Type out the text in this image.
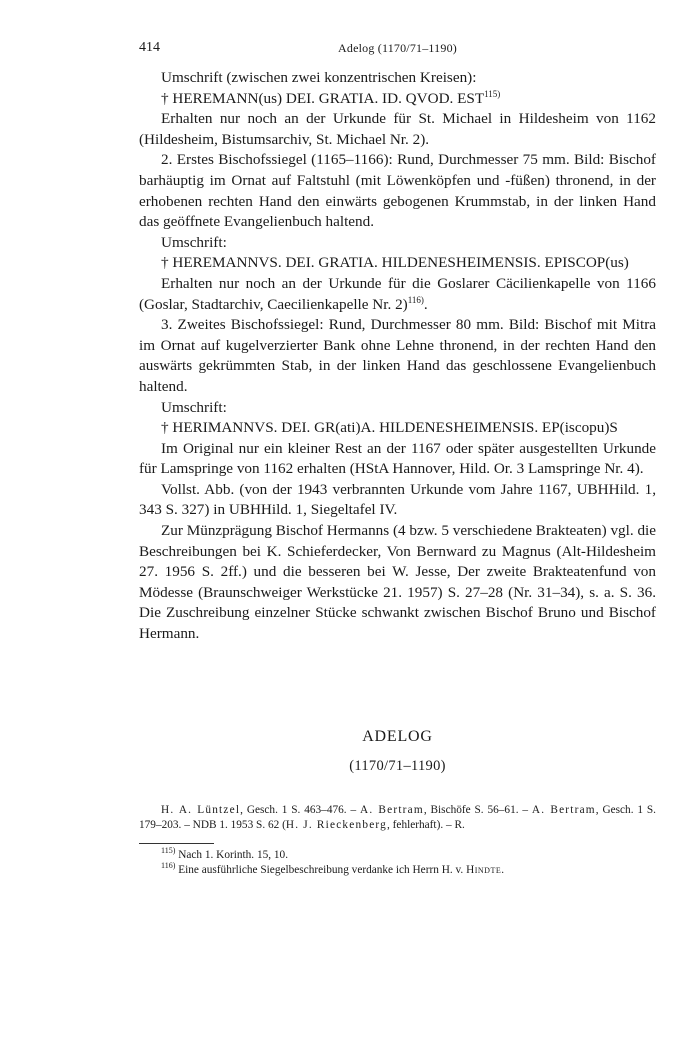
414	Adelog (1170/71–1190)

Umschrift (zwischen zwei konzentrischen Kreisen):

† HEREMANN(us) DEI. GRATIA. ID. QVOD. EST$^{115)}$

Erhalten nur noch an der Urkunde für St. Michael in Hildesheim von 1162 (Hildesheim, Bistumsarchiv, St. Michael Nr. 2).

2. Erstes Bischofssiegel (1165–1166): Rund, Durchmesser 75 mm. Bild: Bischof barhäuptig im Ornat auf Faltstuhl (mit Löwenköpfen und -füßen) thronend, in der erhobenen rechten Hand den einwärts gebogenen Krummstab, in der linken Hand das geöffnete Evangelienbuch haltend.

Umschrift:

† HEREMANNVS. DEI. GRATIA. HILDENESHEIMENSIS. EPISCOP(us)

Erhalten nur noch an der Urkunde für die Goslarer Cäcilienkapelle von 1166 (Goslar, Stadtarchiv, Caecilienkapelle Nr. 2)$^{116)}$.

3. Zweites Bischofssiegel: Rund, Durchmesser 80 mm. Bild: Bischof mit Mitra im Ornat auf kugelverzierter Bank ohne Lehne thronend, in der rechten Hand den auswärts gekrümmten Stab, in der linken Hand das geschlossene Evangelienbuch haltend.

Umschrift:

† HERIMANNVS. DEI. GR(ati)A. HILDENESHEIMENSIS. EP(iscopu)S

Im Original nur ein kleiner Rest an der 1167 oder später ausgestellten Urkunde für Lamspringe von 1162 erhalten (HStA Hannover, Hild. Or. 3 Lamspringe Nr. 4).

Vollst. Abb. (von der 1943 verbrannten Urkunde vom Jahre 1167, UBHHild. 1, 343 S. 327) in UBHHild. 1, Siegeltafel IV.

Zur Münzprägung Bischof Hermanns (4 bzw. 5 verschiedene Brakteaten) vgl. die Beschreibungen bei K. Schieferdecker, Von Bernward zu Magnus (Alt-Hildesheim 27. 1956 S. 2ff.) und die besseren bei W. Jesse, Der zweite Brakteatenfund von Mödesse (Braunschweiger Werkstücke 21. 1957) S. 27–28 (Nr. 31–34), s. a. S. 36. Die Zuschreibung einzelner Stücke schwankt zwischen Bischof Bruno und Bischof Hermann.

ADELOG
(1170/71–1190)
H. A. Lüntzel, Gesch. 1 S. 463–476. – A. Bertram, Bischöfe S. 56–61. – A. Bertram, Gesch. 1 S. 179–203. – NDB 1. 1953 S. 62 (H. J. Rieckenberg, fehlerhaft). – R.
$^{115)}$ Nach 1. Korinth. 15, 10.
$^{116)}$ Eine ausführliche Siegelbeschreibung verdanke ich Herrn H. v. Hindte.
